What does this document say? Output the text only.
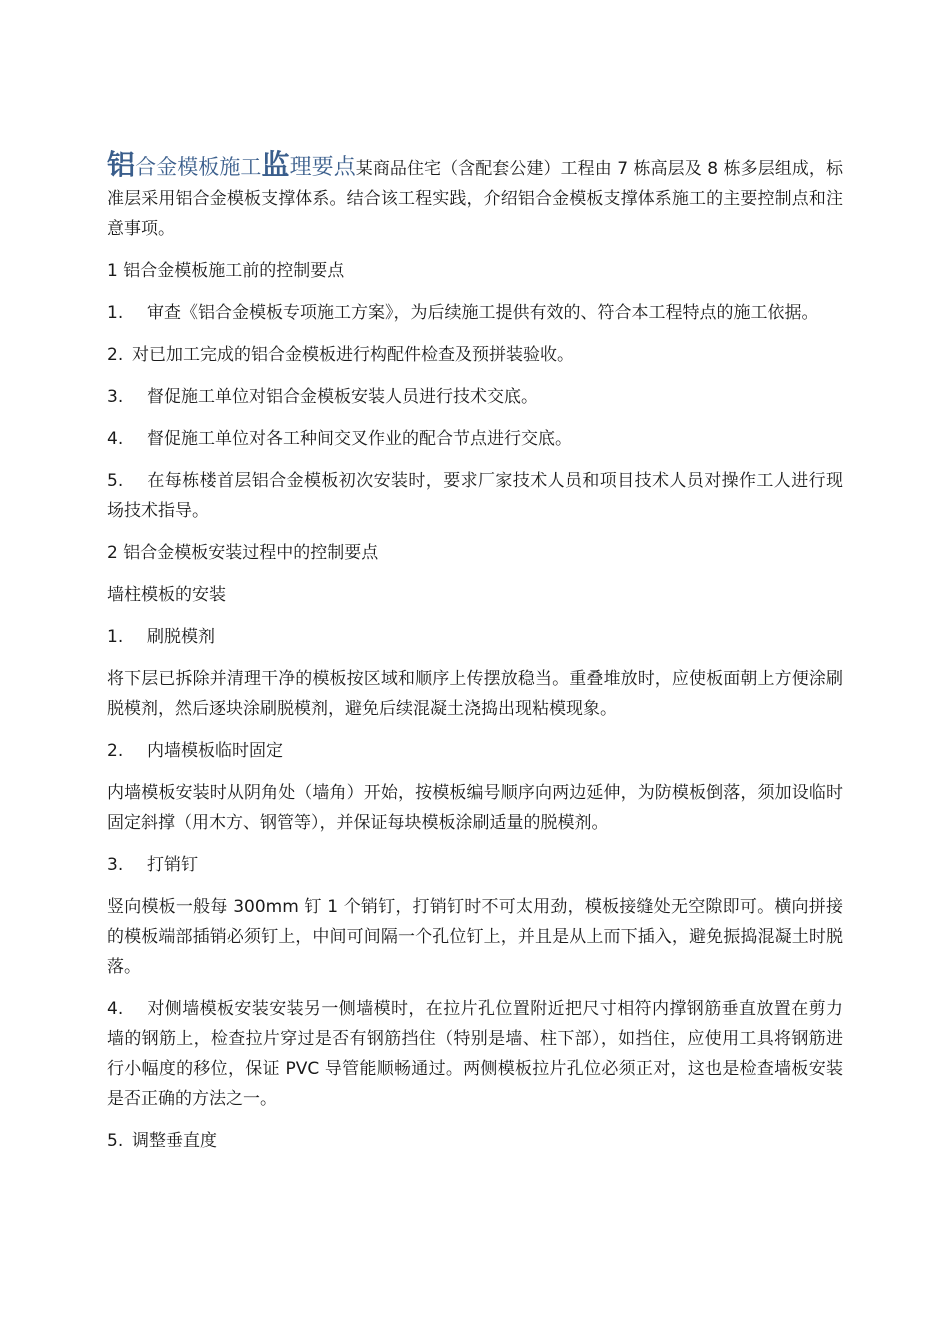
铝合金模板施工监理要点某商品住宅（含配套公建）工程由 7 栋高层及 8 栋多层组成，标准层采用铝合金模板支撑体系。结合该工程实践，介绍铝合金模板支撑体系施工的主要控制点和注意事项。

1 铝合金模板施工前的控制要点

1. 审查《铝合金模板专项施工方案》，为后续施工提供有效的、符合本工程特点的施工依据。

2. 对已加工完成的铝合金模板进行构配件检查及预拼装验收。

3. 督促施工单位对铝合金模板安装人员进行技术交底。

4. 督促施工单位对各工种间交叉作业的配合节点进行交底。

5. 在每栋楼首层铝合金模板初次安装时，要求厂家技术人员和项目技术人员对操作工人进行现场技术指导。

2 铝合金模板安装过程中的控制要点

墙柱模板的安装

1. 刷脱模剂

将下层已拆除并清理干净的模板按区域和顺序上传摆放稳当。重叠堆放时，应使板面朝上方便涂刷脱模剂，然后逐块涂刷脱模剂，避免后续混凝土浇捣出现粘模现象。

2. 内墙模板临时固定

内墙模板安装时从阴角处（墙角）开始，按模板编号顺序向两边延伸，为防模板倒落，须加设临时固定斜撑（用木方、钢管等），并保证每块模板涂刷适量的脱模剂。

3. 打销钉

竖向模板一般每 300mm 钉 1 个销钉，打销钉时不可太用劲，模板接缝处无空隙即可。横向拼接的模板端部插销必须钉上，中间可间隔一个孔位钉上，并且是从上而下插入，避免振捣混凝土时脱落。

4. 对侧墙模板安装安装另一侧墙模时，在拉片孔位置附近把尺寸相符内撑钢筋垂直放置在剪力墙的钢筋上，检查拉片穿过是否有钢筋挡住（特别是墙、柱下部），如挡住，应使用工具将钢筋进行小幅度的移位，保证 PVC 导管能顺畅通过。两侧模板拉片孔位必须正对，这也是检查墙板安装是否正确的方法之一。

5. 调整垂直度
